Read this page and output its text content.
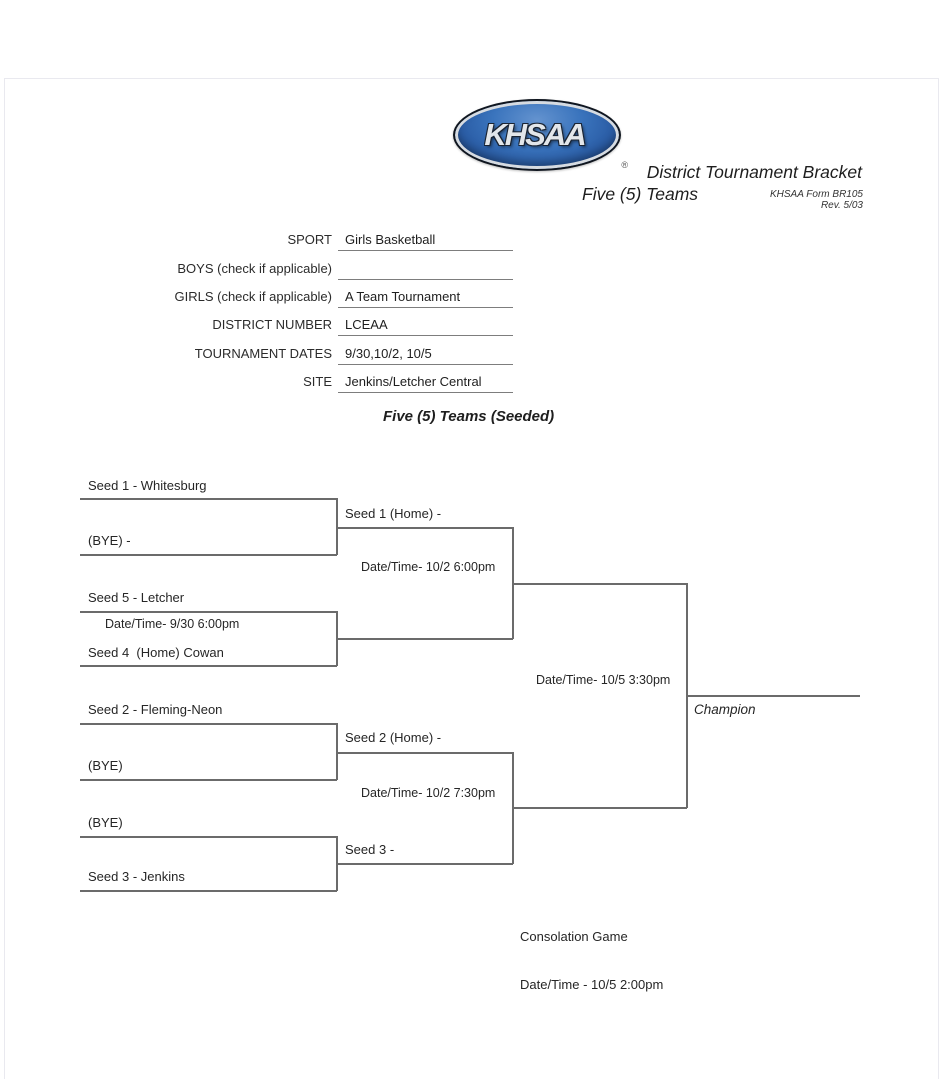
KHSAA
® District Tournament Bracket
Five (5) Teams	KHSAA Form BR105
Rev. 5/03
SPORT	Girls Basketball
BOYS (check if applicable)
GIRLS (check if applicable)	A Team Tournament
DISTRICT NUMBER	LCEAA
TOURNAMENT DATES	9/30,10/2, 10/5
SITE	Jenkins/Letcher Central
Five (5) Teams (Seeded)
Seed 1 - Whitesburg
(BYE) -
Seed 5 - Letcher
Date/Time- 9/30 6:00pm
Seed 4  (Home) Cowan
Seed 2 - Fleming-Neon
(BYE)
(BYE)
Seed 3 - Jenkins
Seed 1 (Home) -
Date/Time- 10/2 6:00pm
Seed 2 (Home) -
Date/Time- 10/2 7:30pm
Seed 3 -
Date/Time- 10/5 3:30pm
Champion

Consolation Game

Date/Time - 10/5 2:00pm
